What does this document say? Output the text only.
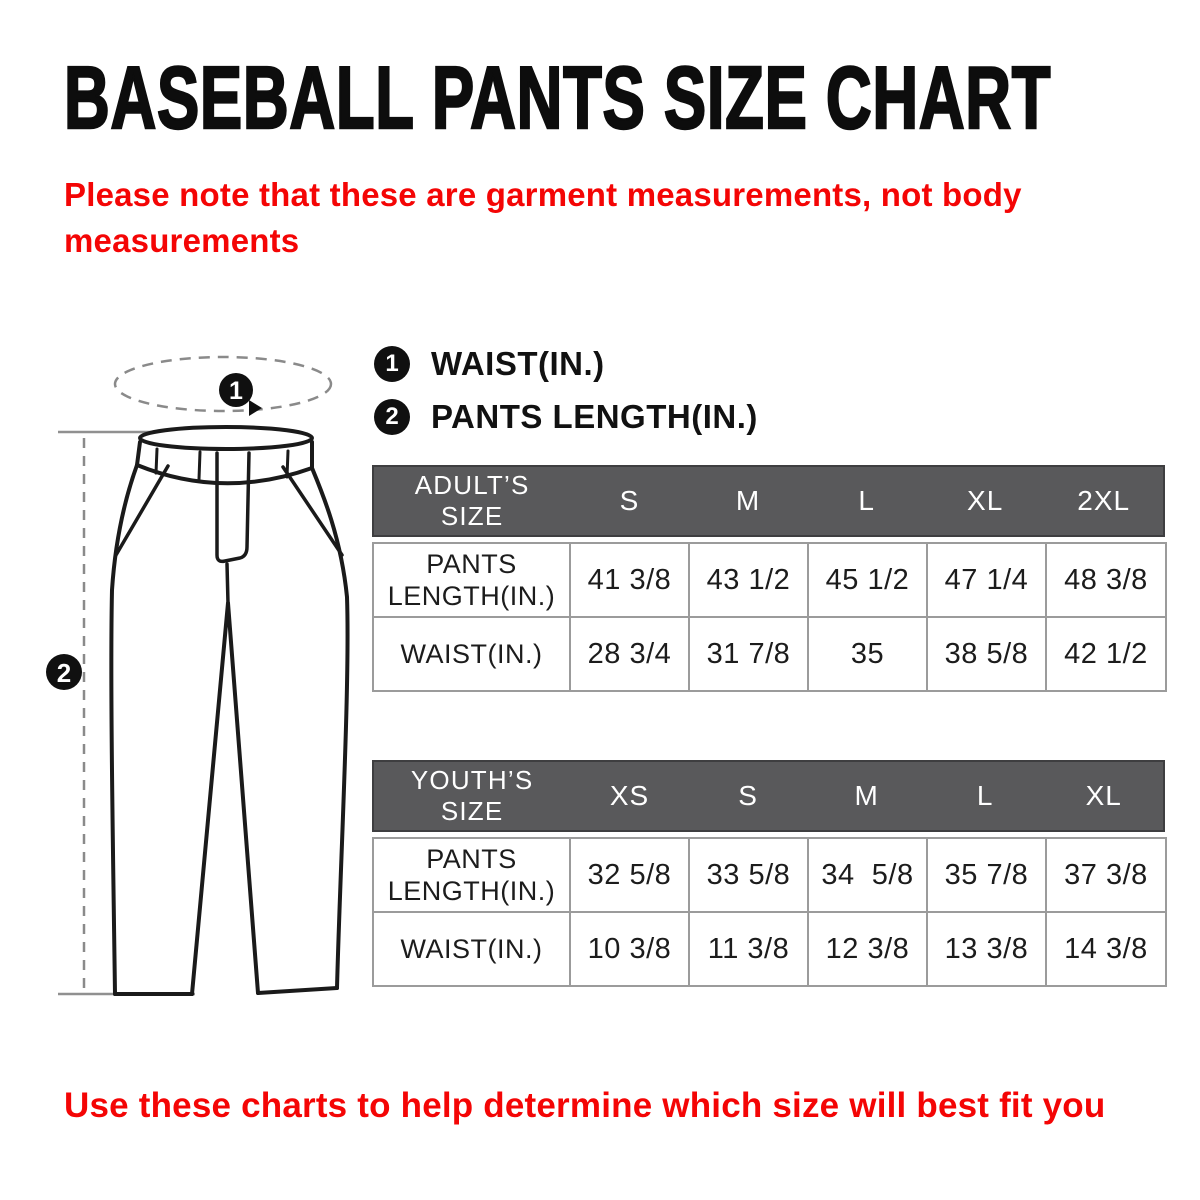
BASEBALL PANTS SIZE CHART
Please note that these are garment measurements, not body measurements
1 WAIST(IN.)
2 PANTS LENGTH(IN.)
1
2
ADULT’S SIZE	S	M	L	XL	2XL
PANTS LENGTH(IN.)	41 3/8	43 1/2	45 1/2	47 1/4	48 3/8
WAIST(IN.)	28 3/4	31 7/8	35	38 5/8	42 1/2
YOUTH’S SIZE	XS	S	M	L	XL
PANTS LENGTH(IN.)	32 5/8	33 5/8	34  5/8	35 7/8	37 3/8
WAIST(IN.)	10 3/8	11 3/8	12 3/8	13 3/8	14 3/8
Use these charts to help determine which size will best fit you
